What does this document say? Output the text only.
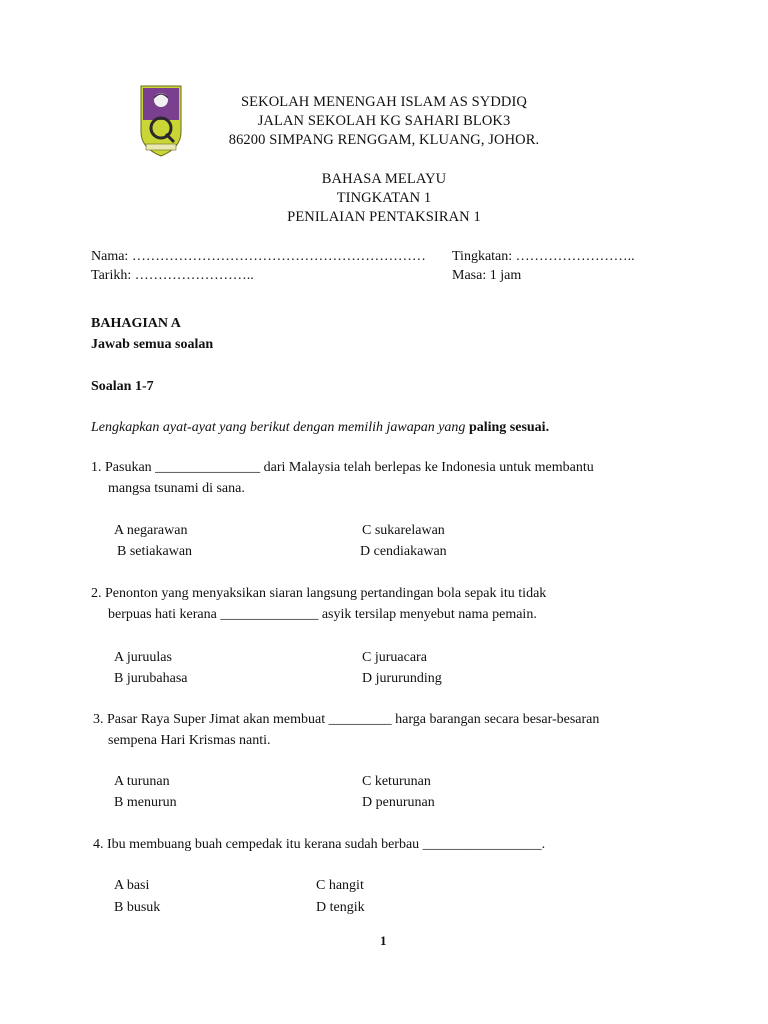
SEKOLAH MENENGAH ISLAM AS SYDDIQ
JALAN SEKOLAH KG SAHARI BLOK3
86200 SIMPANG RENGGAM, KLUANG, JOHOR.
BAHASA MELAYU
TINGKATAN 1
PENILAIAN PENTAKSIRAN 1
Nama: ……………………………………………………… Tingkatan: ……………………..
Tarikh: ……………………..	Masa: 1 jam
BAHAGIAN A
Jawab semua soalan
Soalan 1-7
Lengkapkan ayat-ayat yang berikut dengan memilih jawapan yang paling sesuai.
1. Pasukan _______________ dari Malaysia telah berlepas ke Indonesia untuk membantu
mangsa tsunami di sana.
A negarawan	C sukarelawan
B setiakawan	D cendiakawan
2. Penonton yang menyaksikan siaran langsung pertandingan bola sepak itu tidak
berpuas hati kerana ______________ asyik tersilap menyebut nama pemain.
A juruulas	C juruacara
B jurubahasa	D jururunding
3. Pasar Raya Super Jimat akan membuat _________ harga barangan secara besar-besaran
sempena Hari Krismas nanti.
A turunan	C keturunan
B menurun	D penurunan
4. Ibu membuang buah cempedak itu kerana sudah berbau _________________.
A basi	C hangit
B busuk	D tengik
1
